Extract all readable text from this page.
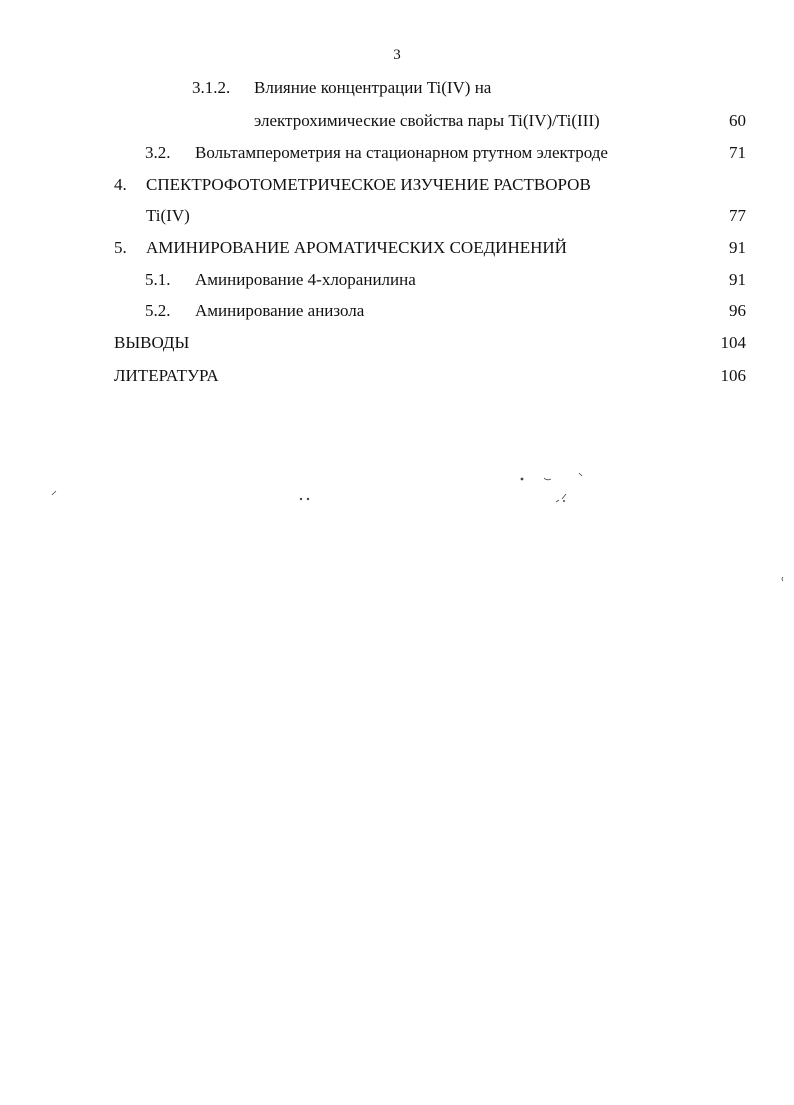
3
3.1.2. Влияние концентрации Ti(IV) на
электрохимические свойства пары Ti(IV)/Ti(III)	60
3.2. Вольтамперометрия на стационарном ртутном электроде	71
4. СПЕКТРОФОТОМЕТРИЧЕСКОЕ ИЗУЧЕНИЕ РАСТВОРОВ
Ti(IV)	77
5. АМИНИРОВАНИЕ АРОМАТИЧЕСКИХ СОЕДИНЕНИЙ	91
5.1. Аминирование 4-хлоранилина	91
5.2. Аминирование анизола	96
ВЫВОДЫ	104
ЛИТЕРАТУРА	106
